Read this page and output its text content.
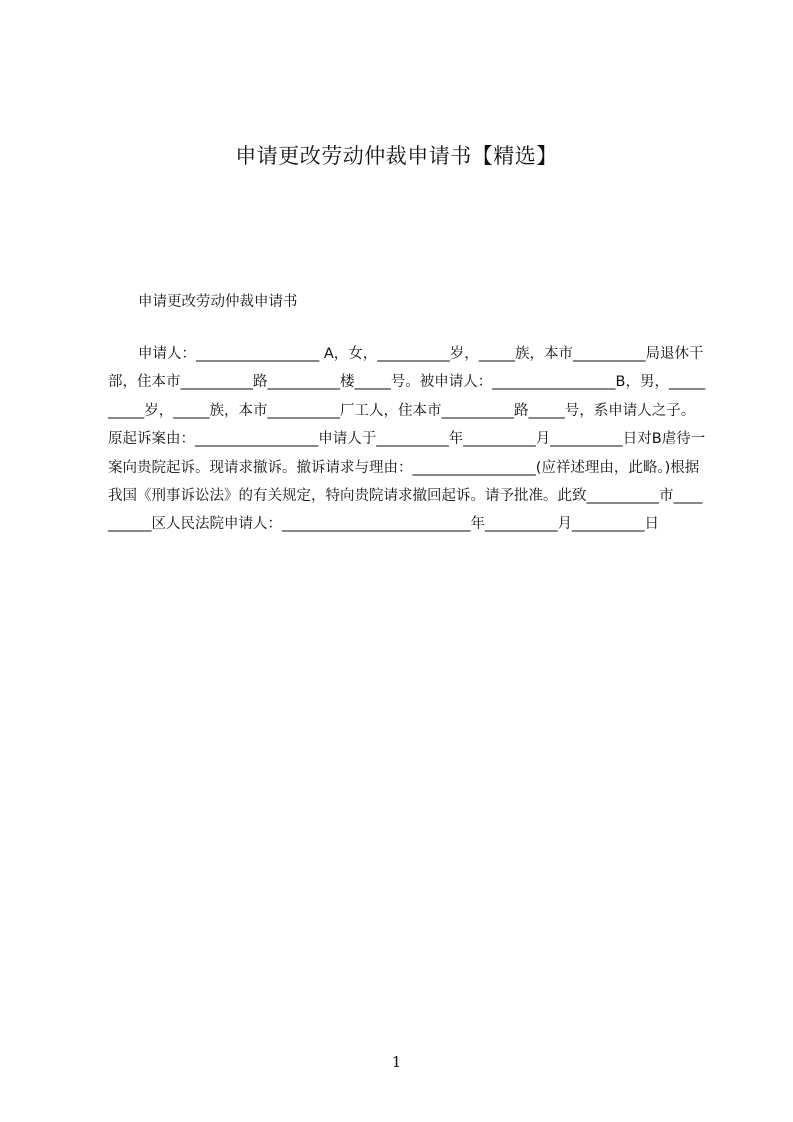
申请更改劳动仲裁申请书【精选】

申请更改劳动仲裁申请书

申请人：_________________ A，女，__________岁，_____族，本市__________局退休干部，住本市__________路__________楼_____号。被申请人：_________________B，男，__________岁，_____族，本市__________厂工人，住本市__________路_____号，系申请人之子。原起诉案由：_________________申请人于__________年__________月__________日对B虐待一案向贵院起诉。现请求撤诉。撤诉请求与理由：_________________(应祥述理由，此略。)根据我国《刑事诉讼法》的有关规定，特向贵院请求撤回起诉。请予批准。此致__________市__________区人民法院申请人：__________________________年__________月__________日

1
